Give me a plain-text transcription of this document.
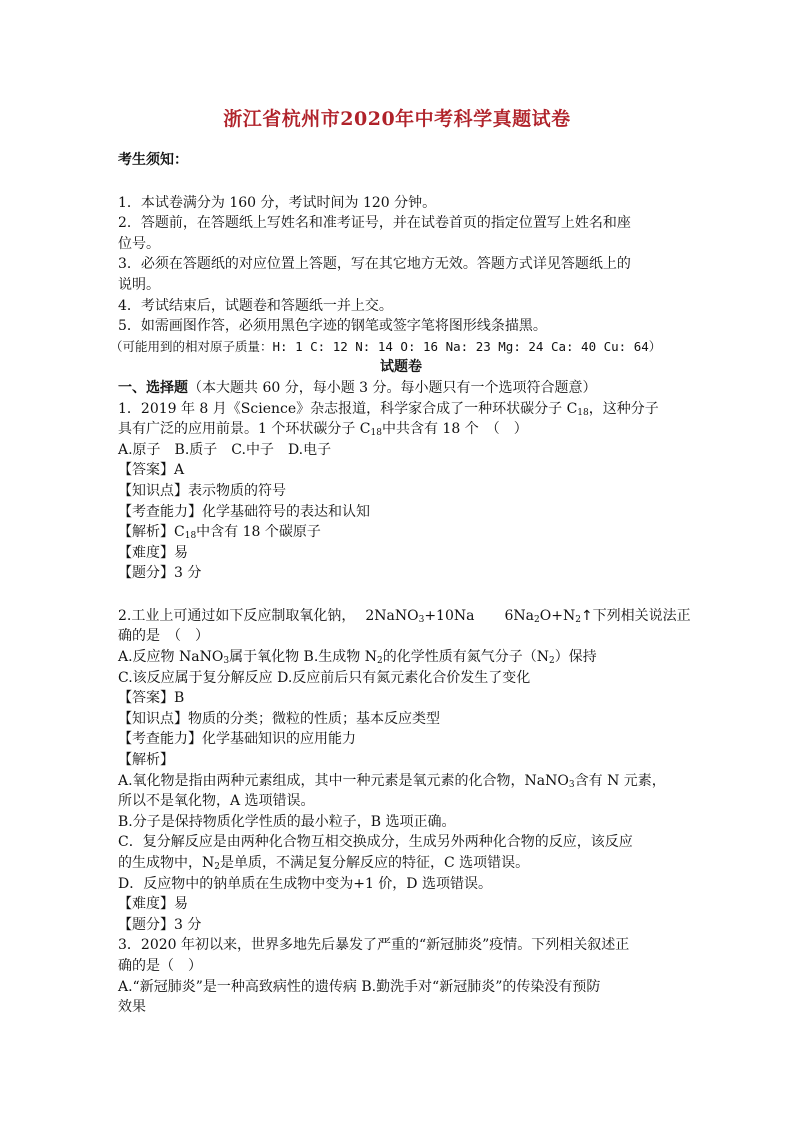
浙江省杭州市2020年中考科学真题试卷
考生须知：
1．本试卷满分为 160 分，考试时间为 120 分钟。
2．答题前，在答题纸上写姓名和准考证号，并在试卷首页的指定位置写上姓名和座
位号。
3．必须在答题纸的对应位置上答题，写在其它地方无效。答题方式详见答题纸上的
说明。
4．考试结束后，试题卷和答题纸一并上交。
5．如需画图作答，必须用黑色字迹的钢笔或签字笔将图形线条描黑。
（可能用到的相对原子质量：H: 1 C: 12 N: 14 O: 16 Na: 23 Mg: 24 Ca: 40 Cu: 64）
试题卷
一、选择题（本大题共 60 分，每小题 3 分。每小题只有一个选项符合题意）
1．2019 年 8 月《Science》杂志报道，科学家合成了一种环状碳分子 $C_{18}$，这种分子
具有广泛的应用前景。1 个环状碳分子 $C_{18}$中共含有 18 个　（　）
A.原子　B.质子　C.中子　D.电子
【答案】A
【知识点】表示物质的符号
【考查能力】化学基础符号的表达和认知
【解析】$C_{18}$中含有 18 个碳原子
【难度】易
【题分】3 分
2.工业上可通过如下反应制取氧化钠， 2NaNO$_3$+10Na $6Na_2O+N_2↑$下列相关说法正
确的是　（　）
A.反应物 NaNO$_3$属于氧化物 B.生成物 $N_2$的化学性质有氮气分子$(N_2)$保持
C.该反应属于复分解反应 D.反应前后只有氮元素化合价发生了变化
【答案】B
【知识点】物质的分类；微粒的性质；基本反应类型
【考查能力】化学基础知识的应用能力
【解析】
A.氧化物是指由两种元素组成，其中一种元素是氧元素的化合物，NaNO$_3$含有 N 元素，
所以不是氧化物，A 选项错误。
B.分子是保持物质化学性质的最小粒子，B 选项正确。
C．复分解反应是由两种化合物互相交换成分，生成另外两种化合物的反应，该反应
的生成物中，$N_2$是单质，不满足复分解反应的特征，C 选项错误。
D．反应物中的钠单质在生成物中变为+1 价，D 选项错误。
【难度】易
【题分】3 分
3．2020 年初以来，世界多地先后暴发了严重的“新冠肺炎”疫情。下列相关叙述正
确的是（　）
A.“新冠肺炎”是一种高致病性的遗传病 B.勤洗手对“新冠肺炎”的传染没有预防
效果
